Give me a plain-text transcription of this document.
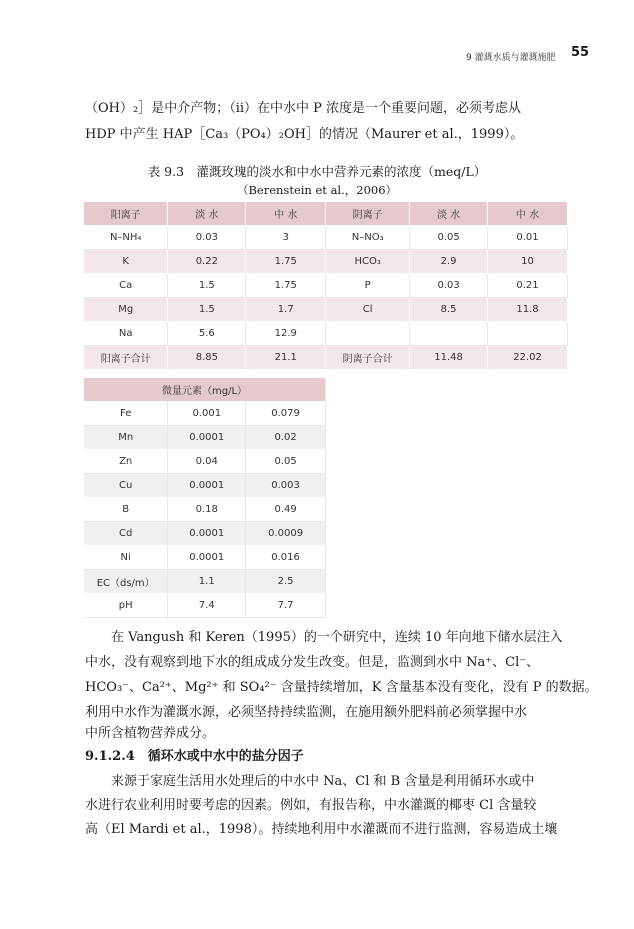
9 灌溉水质与灌溉施肥 55
（OH）₂］是中介产物；（ii）在中水中 P 浓度是一个重要问题，必须考虑从
HDP 中产生 HAP［Ca₃（PO₄）₂OH］的情况（Maurer et al.，1999）。
表 9.3　灌溉玫瑰的淡水和中水中营养元素的浓度（meq/L）
（Berenstein et al.，2006）
阳离子	淡 水	中 水	阴离子	淡 水	中 水
N–NH₄	0.03	3	N–NO₃	0.05	0.01
K	0.22	1.75	HCO₃	2.9	10
Ca	1.5	1.75	P	0.03	0.21
Mg	1.5	1.7	Cl	8.5	11.8
Na	5.6	12.9			
阳离子合计	8.85	21.1	阴离子合计	11.48	22.02
微量元素（mg/L）		
Fe	0.001	0.079
Mn	0.0001	0.02
Zn	0.04	0.05
Cu	0.0001	0.003
B	0.18	0.49
Cd	0.0001	0.0009
Ni	0.0001	0.016
EC（ds/m）	1.1	2.5
pH	7.4	7.7
　　在 Vangush 和 Keren（1995）的一个研究中，连续 10 年向地下储水层注入
中水，没有观察到地下水的组成成分发生改变。但是，监测到水中 Na⁺、Cl⁻、
HCO₃⁻、Ca²⁺、Mg²⁺ 和 SO₄²⁻ 含量持续增加，K 含量基本没有变化，没有 P 的数据。
利用中水作为灌溉水源，必须坚持持续监测，在施用额外肥料前必须掌握中水
中所含植物营养成分。
9.1.2.4　循环水或中水中的盐分因子
　　来源于家庭生活用水处理后的中水中 Na、Cl 和 B 含量是利用循环水或中
水进行农业利用时要考虑的因素。例如，有报告称，中水灌溉的椰枣 Cl 含量较
高（El Mardi et al.，1998）。持续地利用中水灌溉而不进行监测，容易造成土壤
